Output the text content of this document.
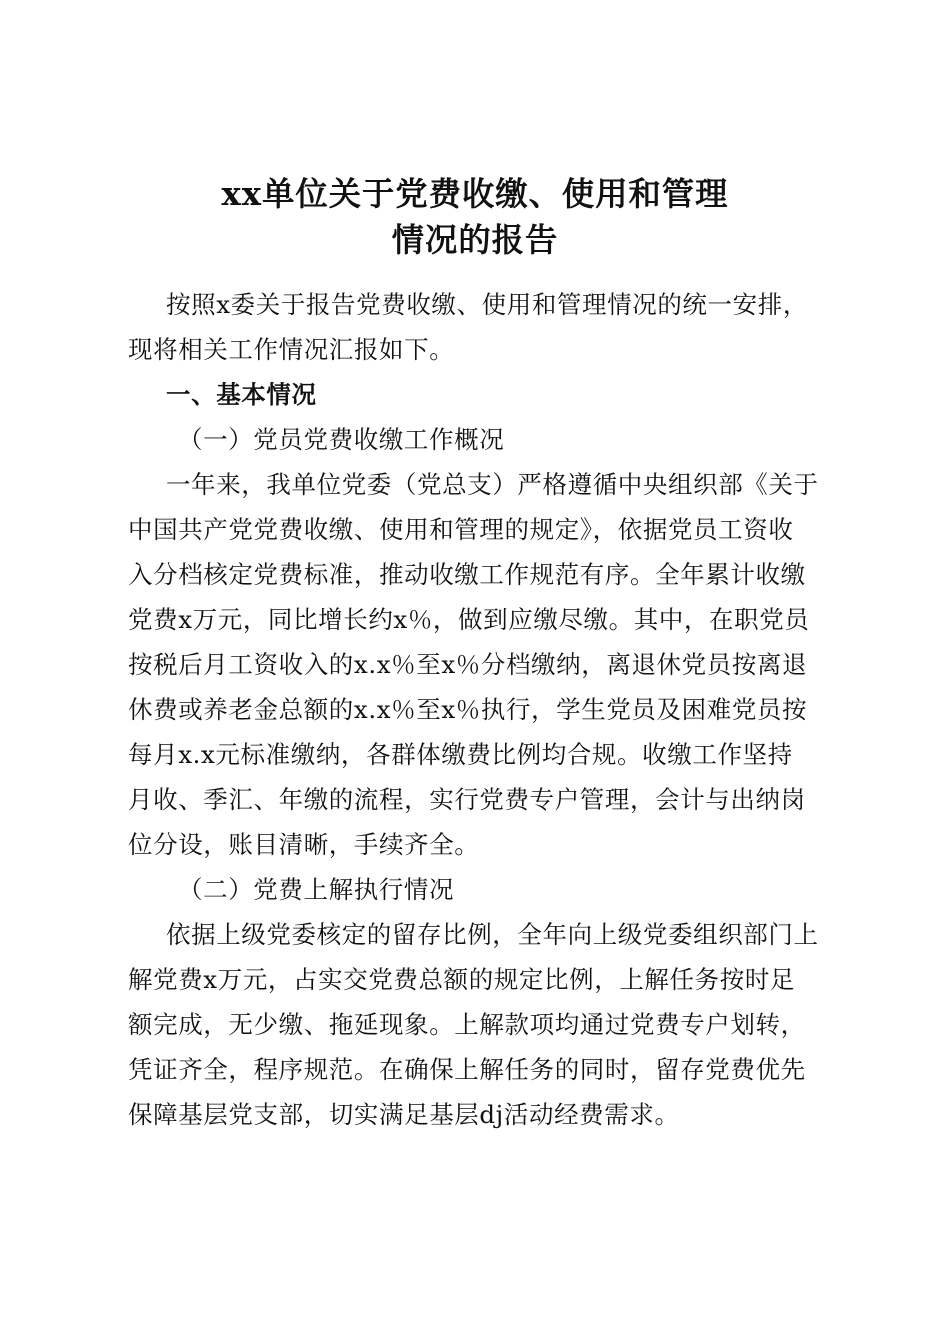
xx单位关于党费收缴、使用和管理
情况的报告
按照x委关于报告党费收缴、使用和管理情况的统一安排，
现将相关工作情况汇报如下。
一、基本情况
（一）党员党费收缴工作概况
一年来，我单位党委（党总支）严格遵循中央组织部《关于
中国共产党党费收缴、使用和管理的规定》，依据党员工资收
入分档核定党费标准，推动收缴工作规范有序。全年累计收缴
党费x万元，同比增长约x％，做到应缴尽缴。其中，在职党员
按税后月工资收入的x.x％至x％分档缴纳，离退休党员按离退
休费或养老金总额的x.x％至x％执行，学生党员及困难党员按
每月x.x元标准缴纳，各群体缴费比例均合规。收缴工作坚持
月收、季汇、年缴的流程，实行党费专户管理，会计与出纳岗
位分设，账目清晰，手续齐全。
（二）党费上解执行情况
依据上级党委核定的留存比例，全年向上级党委组织部门上
解党费x万元，占实交党费总额的规定比例，上解任务按时足
额完成，无少缴、拖延现象。上解款项均通过党费专户划转，
凭证齐全，程序规范。在确保上解任务的同时，留存党费优先
保障基层党支部，切实满足基层dj活动经费需求。
